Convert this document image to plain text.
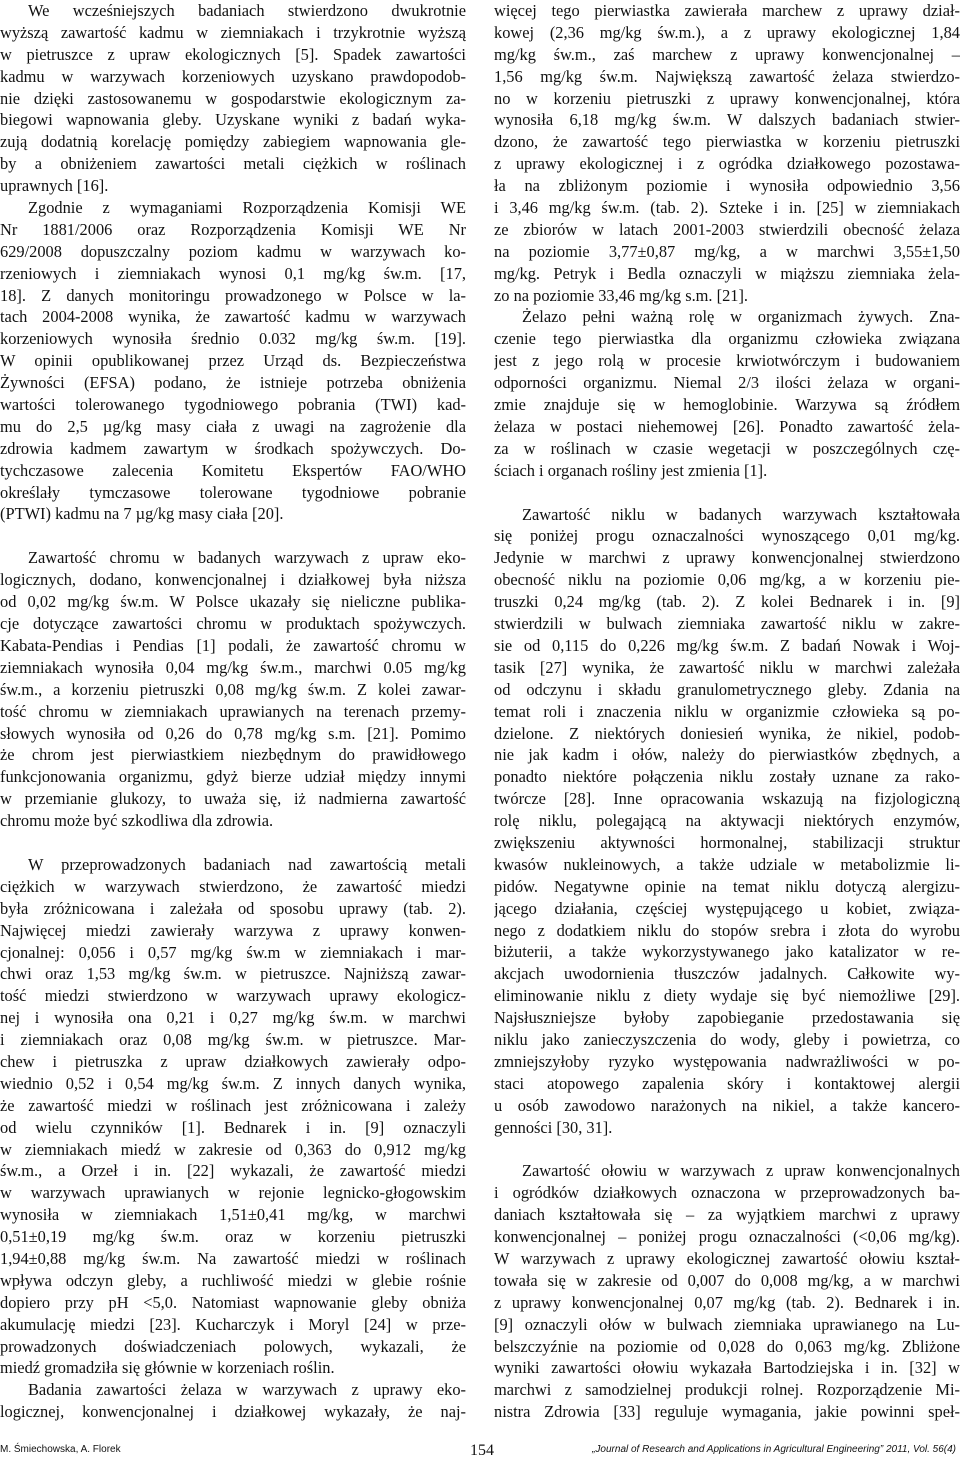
We wcześniejszych badaniach stwierdzono dwukrotnie
wyższą zawartość kadmu w ziemniakach i trzykrotnie wyższą
w pietruszce z upraw ekologicznych [5]. Spadek zawartości
kadmu w warzywach korzeniowych uzyskano prawdopodob-
nie dzięki zastosowanemu w gospodarstwie ekologicznym za-
biegowi wapnowania gleby. Uzyskane wyniki z badań wyka-
zują dodatnią korelację pomiędzy zabiegiem wapnowania gle-
by a obniżeniem zawartości metali ciężkich w roślinach
uprawnych [16].
Zgodnie z wymaganiami Rozporządzenia Komisji WE
Nr 1881/2006 oraz Rozporządzenia Komisji WE Nr
629/2008 dopuszczalny poziom kadmu w warzywach ko-
rzeniowych i ziemniakach wynosi 0,1 mg/kg św.m. [17,
18]. Z danych monitoringu prowadzonego w Polsce w la-
tach 2004-2008 wynika, że zawartość kadmu w warzywach
korzeniowych wynosiła średnio 0.032 mg/kg św.m. [19].
W opinii opublikowanej przez Urząd ds. Bezpieczeństwa
Żywności (EFSA) podano, że istnieje potrzeba obniżenia
wartości tolerowanego tygodniowego pobrania (TWI) kad-
mu do 2,5 µg/kg masy ciała z uwagi na zagrożenie dla
zdrowia kadmem zawartym w środkach spożywczych. Do-
tychczasowe zalecenia Komitetu Ekspertów FAO/WHO
określały tymczasowe tolerowane tygodniowe pobranie
(PTWI) kadmu na 7 µg/kg masy ciała [20].
Zawartość chromu w badanych warzywach z upraw eko-
logicznych, dodano, konwencjonalnej i działkowej była niższa
od 0,02 mg/kg św.m. W Polsce ukazały się nieliczne publika-
cje dotyczące zawartości chromu w produktach spożywczych.
Kabata-Pendias i Pendias [1] podali, że zawartość chromu w
ziemniakach wynosiła 0,04 mg/kg św.m., marchwi 0.05 mg/kg
św.m., a korzeniu pietruszki 0,08 mg/kg św.m. Z kolei zawar-
tość chromu w ziemniakach uprawianych na terenach przemy-
słowych wynosiła od 0,26 do 0,78 mg/kg s.m. [21]. Pomimo
że chrom jest pierwiastkiem niezbędnym do prawidłowego
funkcjonowania organizmu, gdyż bierze udział między innymi
w przemianie glukozy, to uważa się, iż nadmierna zawartość
chromu może być szkodliwa dla zdrowia.
W przeprowadzonych badaniach nad zawartością metali
ciężkich w warzywach stwierdzono, że zawartość miedzi
była zróżnicowana i zależała od sposobu uprawy (tab. 2).
Najwięcej miedzi zawierały warzywa z uprawy konwen-
cjonalnej: 0,056 i 0,57 mg/kg św.m w ziemniakach i mar-
chwi oraz 1,53 mg/kg św.m. w pietruszce. Najniższą zawar-
tość miedzi stwierdzono w warzywach uprawy ekologicz-
nej i wynosiła ona 0,21 i 0,27 mg/kg św.m. w marchwi
i ziemniakach oraz 0,08 mg/kg św.m. w pietruszce. Mar-
chew i pietruszka z upraw działkowych zawierały odpo-
wiednio 0,52 i 0,54 mg/kg św.m. Z innych danych wynika,
że zawartość miedzi w roślinach jest zróżnicowana i zależy
od wielu czynników [1]. Bednarek i in. [9] oznaczyli
w ziemniakach miedź w zakresie od 0,363 do 0,912 mg/kg
św.m., a Orzeł i in. [22] wykazali, że zawartość miedzi
w warzywach uprawianych w rejonie legnicko-głogowskim
wynosiła w ziemniakach 1,51±0,41 mg/kg, w marchwi
0,51±0,19 mg/kg św.m. oraz w korzeniu pietruszki
1,94±0,88 mg/kg św.m. Na zawartość miedzi w roślinach
wpływa odczyn gleby, a ruchliwość miedzi w glebie rośnie
dopiero przy pH <5,0. Natomiast wapnowanie gleby obniża
akumulację miedzi [23]. Kucharczyk i Moryl [24] w prze-
prowadzonych doświadczeniach polowych, wykazali, że
miedź gromadziła się głównie w korzeniach roślin.
Badania zawartości żelaza w warzywach z uprawy eko-
logicznej, konwencjonalnej i działkowej wykazały, że naj-
więcej tego pierwiastka zawierała marchew z uprawy dział-
kowej (2,36 mg/kg św.m.), a z uprawy ekologicznej 1,84
mg/kg św.m., zaś marchew z uprawy konwencjonalnej –
1,56 mg/kg św.m. Największą zawartość żelaza stwierdzo-
no w korzeniu pietruszki z uprawy konwencjonalnej, która
wynosiła 6,18 mg/kg św.m. W dalszych badaniach stwier-
dzono, że zawartość tego pierwiastka w korzeniu pietruszki
z uprawy ekologicznej i z ogródka działkowego pozostawa-
ła na zbliżonym poziomie i wynosiła odpowiednio 3,56
i 3,46 mg/kg św.m. (tab. 2). Szteke i in. [25] w ziemniakach
ze zbiorów w latach 2001-2003 stwierdzili obecność żelaza
na poziomie 3,77±0,87 mg/kg, a w marchwi 3,55±1,50
mg/kg. Petryk i Bedla oznaczyli w miąższu ziemniaka żela-
zo na poziomie 33,46 mg/kg s.m. [21].
Żelazo pełni ważną rolę w organizmach żywych. Zna-
czenie tego pierwiastka dla organizmu człowieka związana
jest z jego rolą w procesie krwiotwórczym i budowaniem
odporności organizmu. Niemal 2/3 ilości żelaza w organi-
zmie znajduje się w hemoglobinie. Warzywa są źródłem
żelaza w postaci niehemowej [26]. Ponadto zawartość żela-
za w roślinach w czasie wegetacji w poszczególnych czę-
ściach i organach rośliny jest zmienia [1].
Zawartość niklu w badanych warzywach kształtowała
się poniżej progu oznaczalności wynoszącego 0,01 mg/kg.
Jedynie w marchwi z uprawy konwencjonalnej stwierdzono
obecność niklu na poziomie 0,06 mg/kg, a w korzeniu pie-
truszki 0,24 mg/kg (tab. 2). Z kolei Bednarek i in. [9]
stwierdzili w bulwach ziemniaka zawartość niklu w zakre-
sie od 0,115 do 0,226 mg/kg św.m. Z badań Nowak i Woj-
tasik [27] wynika, że zawartość niklu w marchwi zależała
od odczynu i składu granulometrycznego gleby. Zdania na
temat roli i znaczenia niklu w organizmie człowieka są po-
dzielone. Z niektórych doniesień wynika, że nikiel, podob-
nie jak kadm i ołów, należy do pierwiastków zbędnych, a
ponadto niektóre połączenia niklu zostały uznane za rako-
twórcze [28]. Inne opracowania wskazują na fizjologiczną
rolę niklu, polegającą na aktywacji niektórych enzymów,
zwiększeniu aktywności hormonalnej, stabilizacji struktur
kwasów nukleinowych, a także udziale w metabolizmie li-
pidów. Negatywne opinie na temat niklu dotyczą alergizu-
jącego działania, częściej występującego u kobiet, związa-
nego z dodatkiem niklu do stopów srebra i złota do wyrobu
biżuterii, a także wykorzystywanego jako katalizator w re-
akcjach uwodornienia tłuszczów jadalnych. Całkowite wy-
eliminowanie niklu z diety wydaje się być niemożliwe [29].
Najsłuszniejsze byłoby zapobieganie przedostawania się
niklu jako zanieczyszczenia do wody, gleby i powietrza, co
zmniejszyłoby ryzyko występowania nadwrażliwości w po-
staci atopowego zapalenia skóry i kontaktowej alergii
u osób zawodowo narażonych na nikiel, a także kancero-
genności [30, 31].
Zawartość ołowiu w warzywach z upraw konwencjonalnych
i ogródków działkowych oznaczona w przeprowadzonych ba-
daniach kształtowała się – za wyjątkiem marchwi z uprawy
konwencjonalnej – poniżej progu oznaczalności (<0,06 mg/kg).
W warzywach z uprawy ekologicznej zawartość ołowiu kształ-
towała się w zakresie od 0,007 do 0,008 mg/kg, a w marchwi
z uprawy konwencjonalnej 0,07 mg/kg (tab. 2). Bednarek i in.
[9] oznaczyli ołów w bulwach ziemniaka uprawianego na Lu-
belszczyźnie na poziomie od 0,028 do 0,063 mg/kg. Zbliżone
wyniki zawartości ołowiu wykazała Bartodziejska i in. [32] w
marchwi z samodzielnej produkcji rolnej. Rozporządzenie Mi-
nistra Zdrowia [33] reguluje wymagania, jakie powinni speł-
M. Śmiechowska, A. Florek	154	„Journal of Research and Applications in Agricultural Engineering” 2011, Vol. 56(4)
